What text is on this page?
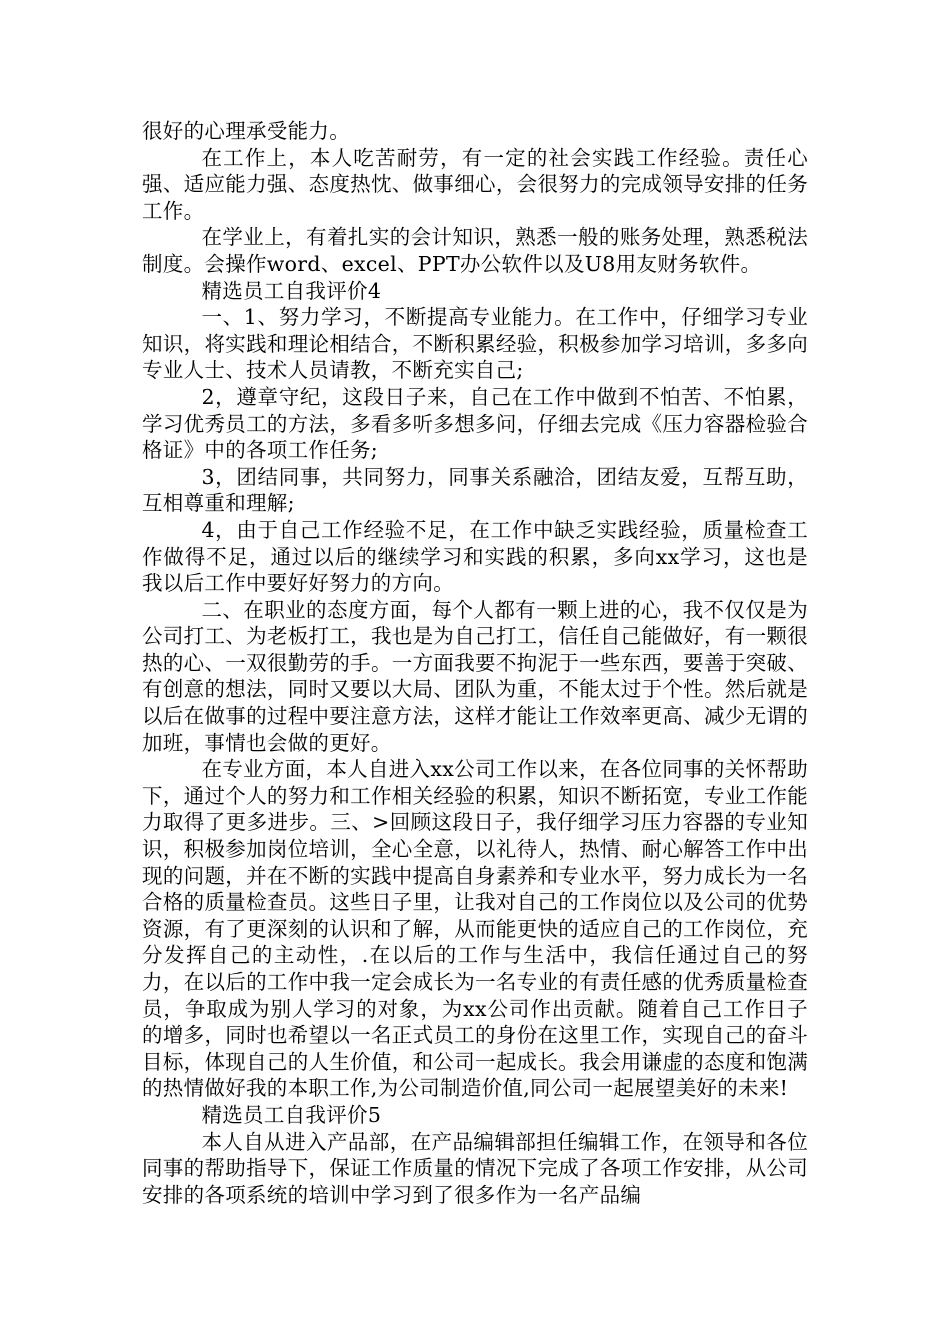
很好的心理承受能力。

在工作上，本人吃苦耐劳，有一定的社会实践工作经验。责任心强、适应能力强、态度热忱、做事细心，会很努力的完成领导安排的任务工作。

在学业上，有着扎实的会计知识，熟悉一般的账务处理，熟悉税法制度。会操作word、excel、PPT办公软件以及U8用友财务软件。

精选员工自我评价4

一、1、努力学习，不断提高专业能力。在工作中，仔细学习专业知识，将实践和理论相结合，不断积累经验，积极参加学习培训，多多向专业人士、技术人员请教，不断充实自己;

2，遵章守纪，这段日子来，自己在工作中做到不怕苦、不怕累，学习优秀员工的方法，多看多听多想多问，仔细去完成《压力容器检验合格证》中的各项工作任务;

3，团结同事，共同努力，同事关系融洽，团结友爱，互帮互助，互相尊重和理解;

4，由于自己工作经验不足，在工作中缺乏实践经验，质量检查工作做得不足，通过以后的继续学习和实践的积累，多向xx学习，这也是我以后工作中要好好努力的方向。

二、在职业的态度方面，每个人都有一颗上进的心，我不仅仅是为公司打工、为老板打工，我也是为自己打工，信任自己能做好，有一颗很热的心、一双很勤劳的手。一方面我要不拘泥于一些东西，要善于突破、有创意的想法，同时又要以大局、团队为重，不能太过于个性。然后就是以后在做事的过程中要注意方法，这样才能让工作效率更高、减少无谓的加班，事情也会做的更好。

在专业方面，本人自进入xx公司工作以来，在各位同事的关怀帮助下，通过个人的努力和工作相关经验的积累，知识不断拓宽，专业工作能力取得了更多进步。三、>回顾这段日子，我仔细学习压力容器的专业知识，积极参加岗位培训，全心全意，以礼待人，热情、耐心解答工作中出现的问题，并在不断的实践中提高自身素养和专业水平，努力成长为一名合格的质量检查员。这些日子里，让我对自己的工作岗位以及公司的优势资源，有了更深刻的认识和了解，从而能更快的适应自己的工作岗位，充分发挥自己的主动性，.在以后的工作与生活中，我信任通过自己的努力，在以后的工作中我一定会成长为一名专业的有责任感的优秀质量检查员，争取成为别人学习的对象，为xx公司作出贡献。随着自己工作日子的增多，同时也希望以一名正式员工的身份在这里工作，实现自己的奋斗目标，体现自己的人生价值，和公司一起成长。我会用谦虚的态度和饱满的热情做好我的本职工作,为公司制造价值,同公司一起展望美好的未来!

精选员工自我评价5

本人自从进入产品部，在产品编辑部担任编辑工作，在领导和各位同事的帮助指导下，保证工作质量的情况下完成了各项工作安排，从公司安排的各项系统的培训中学习到了很多作为一名产品编
